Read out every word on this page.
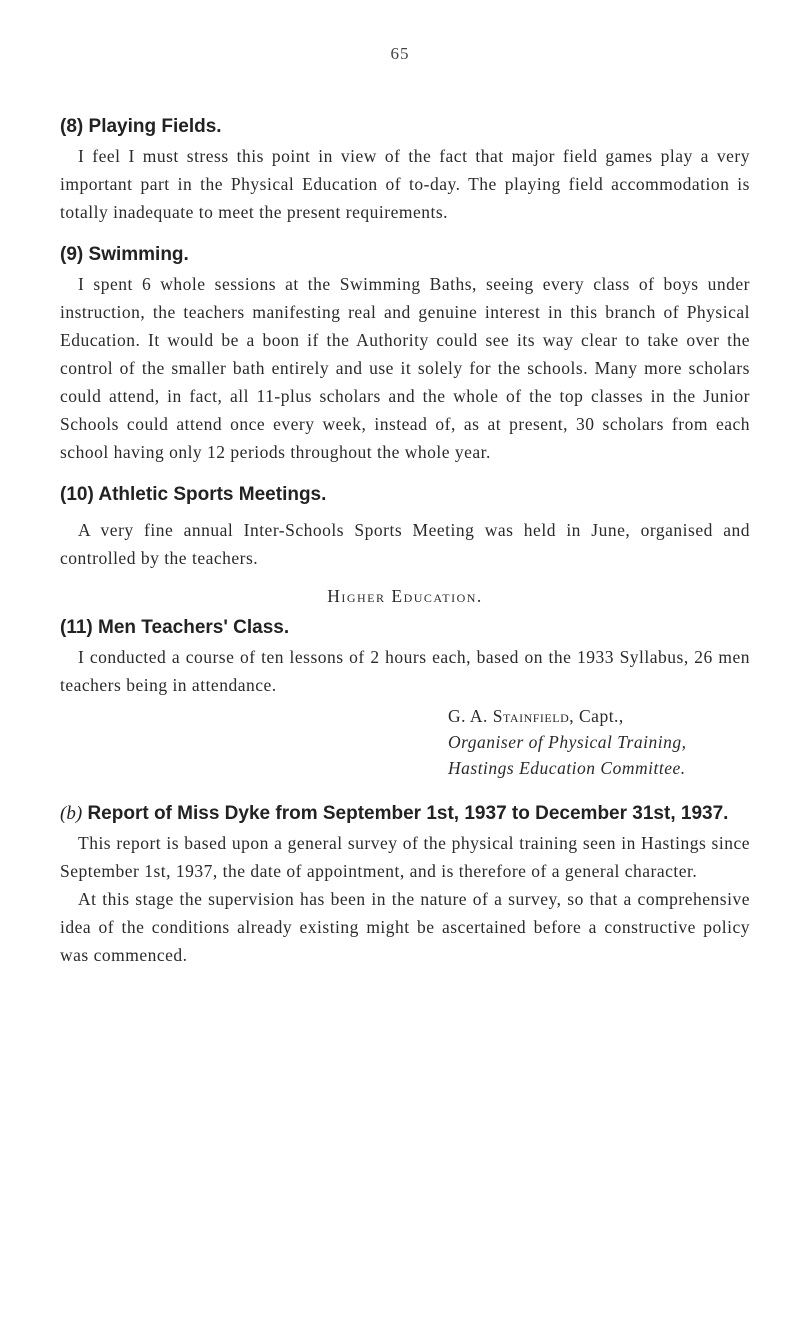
65
(8) Playing Fields.

I feel I must stress this point in view of the fact that major field games play a very important part in the Physical Education of to-day. The playing field accommodation is totally inadequate to meet the present requirements.

(9) Swimming.

I spent 6 whole sessions at the Swimming Baths, seeing every class of boys under instruction, the teachers manifesting real and genuine interest in this branch of Physical Education. It would be a boon if the Authority could see its way clear to take over the control of the smaller bath entirely and use it solely for the schools. Many more scholars could attend, in fact, all 11-plus scholars and the whole of the top classes in the Junior Schools could attend once every week, instead of, as at present, 30 scholars from each school having only 12 periods throughout the whole year.

(10) Athletic Sports Meetings.

A very fine annual Inter-Schools Sports Meeting was held in June, organised and controlled by the teachers.

Higher Education.
(11) Men Teachers' Class.

I conducted a course of ten lessons of 2 hours each, based on the 1933 Syllabus, 26 men teachers being in attendance.

G. A. Stainfield, Capt.,
Organiser of Physical Training,
Hastings Education Committee.
(b) Report of Miss Dyke from September 1st, 1937 to December 31st, 1937.

This report is based upon a general survey of the physical training seen in Hastings since September 1st, 1937, the date of appointment, and is therefore of a general character.

At this stage the supervision has been in the nature of a survey, so that a comprehensive idea of the conditions already existing might be ascertained before a constructive policy was commenced.
